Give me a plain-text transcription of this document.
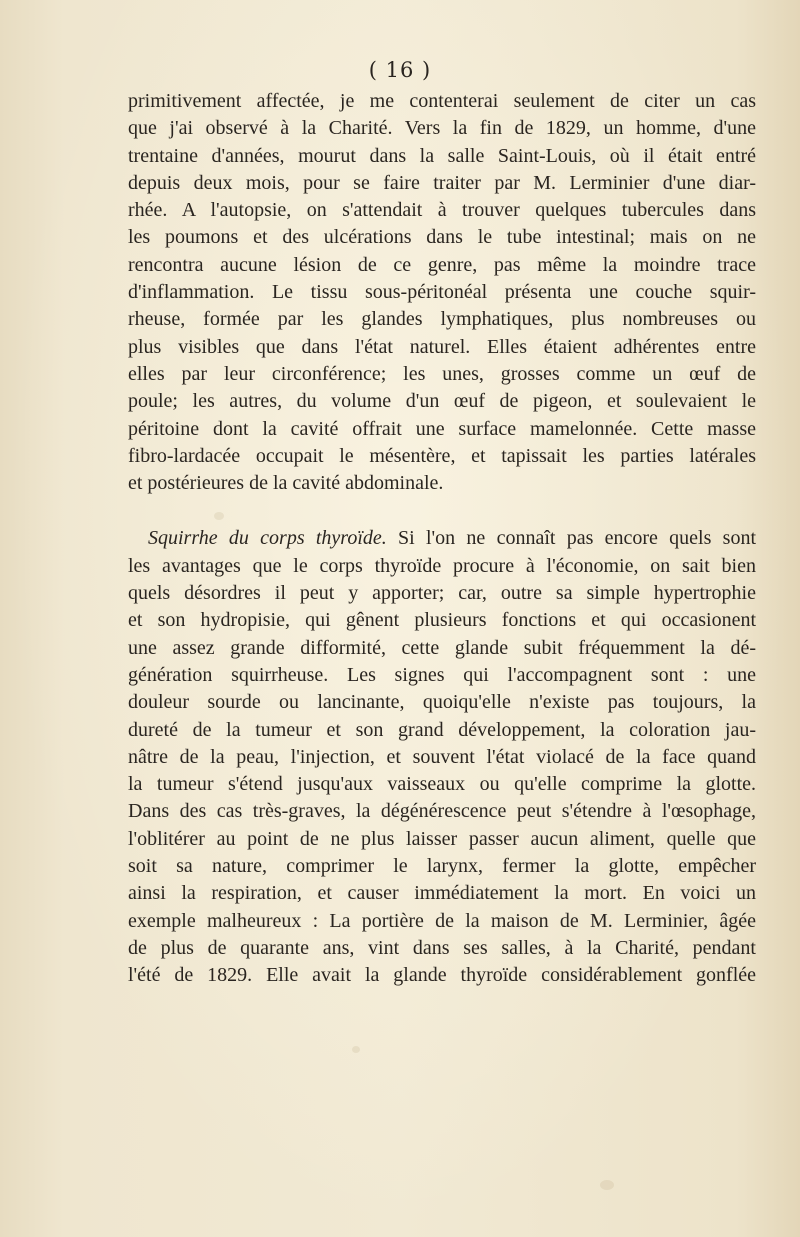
( 16 )
primitivement affectée, je me contenterai seulement de citer un cas
que j'ai observé à la Charité. Vers la fin de 1829, un homme, d'une
trentaine d'années, mourut dans la salle Saint-Louis, où il était entré
depuis deux mois, pour se faire traiter par M. Lerminier d'une diar-
rhée. A l'autopsie, on s'attendait à trouver quelques tubercules dans
les poumons et des ulcérations dans le tube intestinal; mais on ne
rencontra aucune lésion de ce genre, pas même la moindre trace
d'inflammation. Le tissu sous-péritonéal présenta une couche squir-
rheuse, formée par les glandes lymphatiques, plus nombreuses ou
plus visibles que dans l'état naturel. Elles étaient adhérentes entre
elles par leur circonférence; les unes, grosses comme un œuf de
poule; les autres, du volume d'un œuf de pigeon, et soulevaient le
péritoine dont la cavité offrait une surface mamelonnée. Cette masse
fibro-lardacée occupait le mésentère, et tapissait les parties latérales
et postérieures de la cavité abdominale.
Squirrhe du corps thyroïde. Si l'on ne connaît pas encore quels sont
les avantages que le corps thyroïde procure à l'économie, on sait bien
quels désordres il peut y apporter; car, outre sa simple hypertrophie
et son hydropisie, qui gênent plusieurs fonctions et qui occasionent
une assez grande difformité, cette glande subit fréquemment la dé-
génération squirrheuse. Les signes qui l'accompagnent sont : une
douleur sourde ou lancinante, quoiqu'elle n'existe pas toujours, la
dureté de la tumeur et son grand développement, la coloration jau-
nâtre de la peau, l'injection, et souvent l'état violacé de la face quand
la tumeur s'étend jusqu'aux vaisseaux ou qu'elle comprime la glotte.
Dans des cas très-graves, la dégénérescence peut s'étendre à l'œsophage,
l'oblitérer au point de ne plus laisser passer aucun aliment, quelle que
soit sa nature, comprimer le larynx, fermer la glotte, empêcher
ainsi la respiration, et causer immédiatement la mort. En voici un
exemple malheureux : La portière de la maison de M. Lerminier, âgée
de plus de quarante ans, vint dans ses salles, à la Charité, pendant
l'été de 1829. Elle avait la glande thyroïde considérablement gonflée
